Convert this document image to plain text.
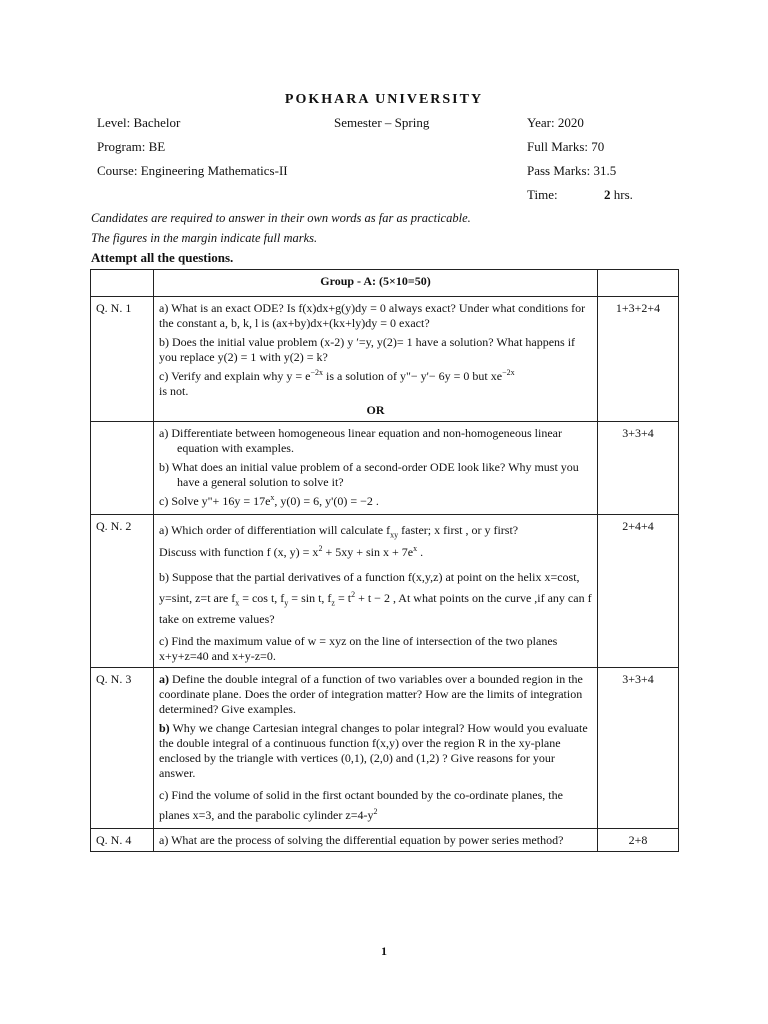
POKHARA UNIVERSITY
Level: Bachelor	Semester – Spring	Year: 2020
Program: BE	Full Marks: 70
Course: Engineering Mathematics-II	Pass Marks: 31.5
Time:	2 hrs.
Candidates are required to answer in their own words as far as practicable.
The figures in the margin indicate full marks.
Attempt all the questions.
	Group - A: (5×10=50)	
Q. N. 1	a) What is an exact ODE? Is f(x)dx+g(y)dy = 0 always exact? Under what conditions for the constant a, b, k, l is (ax+by)dx+(kx+ly)dy = 0 exact?
b) Does the initial value problem (x-2) y ′=y, y(2)= 1 have a solution? What happens if you replace y(2) = 1 with y(2) = k?
c) Verify and explain why $y = e^{-2x}$ is a solution of y"− y'− 6y = 0 but $xe^{-2x}$
is not.
OR	1+3+2+4

	a) Differentiate between homogeneous linear equation and non-homogeneous linear equation with examples.
b) What does an initial value problem of a second-order ODE look like? Why must you have a general solution to solve it?
c) Solve y"+ $16y = 17e^x$, y(0) = 6, y'(0) = −2 .	3+3+4
Q. N. 2	a) Which order of differentiation will calculate $f_{xy}$ faster; x first , or y first?
Discuss with function f (x, $y) = x^2 + 5xy + \sin x + 7e^x$ .
b) Suppose that the partial derivatives of a function f(x,y,z) at point on the helix x=cost, y=sint, z=t are $f_x = \cos t$, $f_y = \sin t$, $f_z = t^2 + t - 2$ , At what points on the curve ,if any can f take on extreme values?
c) Find the maximum value of w = xyz on the line of intersection of the two planes x+y+z=40 and x+y-z=0.	2+4+4
Q. N. 3	a) Define the double integral of a function of two variables over a bounded region in the coordinate plane. Does the order of integration matter? How are the limits of integration determined? Give examples.
b) Why we change Cartesian integral changes to polar integral? How would you evaluate the double integral of a continuous function f(x,y) over the region R in the xy-plane enclosed by the triangle with vertices (0,1), (2,0) and (1,2) ? Give reasons for your answer.
c) Find the volume of solid in the first octant bounded by the co-ordinate planes, the planes x=3, and the parabolic cylinder $z=4-y^2$	3+3+4
Q. N. 4	a) What are the process of solving the differential equation by power series method?	2+8
1
